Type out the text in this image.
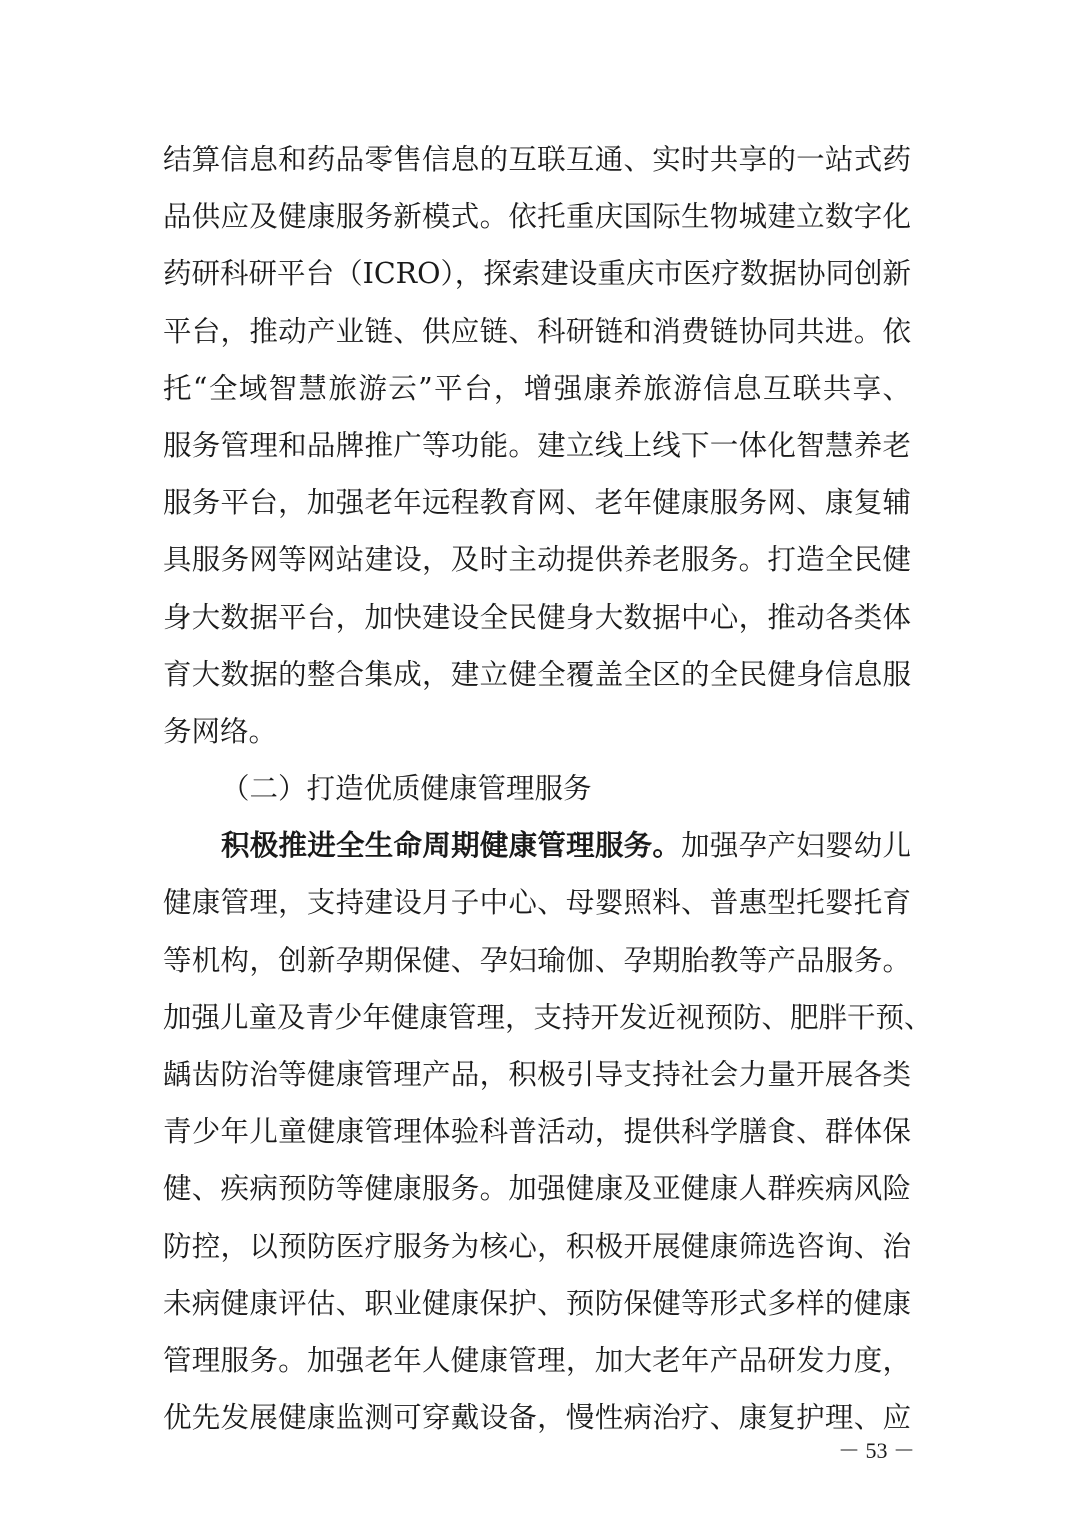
结算信息和药品零售信息的互联互通、实时共享的一站式药
品供应及健康服务新模式。依托重庆国际生物城建立数字化
药研科研平台（ICRO），探索建设重庆市医疗数据协同创新
平台，推动产业链、供应链、科研链和消费链协同共进。依
托“全域智慧旅游云”平台，增强康养旅游信息互联共享、
服务管理和品牌推广等功能。建立线上线下一体化智慧养老
服务平台，加强老年远程教育网、老年健康服务网、康复辅
具服务网等网站建设，及时主动提供养老服务。打造全民健
身大数据平台，加快建设全民健身大数据中心，推动各类体
育大数据的整合集成，建立健全覆盖全区的全民健身信息服
务网络。
（二）打造优质健康管理服务
积极推进全生命周期健康管理服务。加强孕产妇婴幼儿
健康管理，支持建设月子中心、母婴照料、普惠型托婴托育
等机构，创新孕期保健、孕妇瑜伽、孕期胎教等产品服务。
加强儿童及青少年健康管理，支持开发近视预防、肥胖干预、
龋齿防治等健康管理产品，积极引导支持社会力量开展各类
青少年儿童健康管理体验科普活动，提供科学膳食、群体保
健、疾病预防等健康服务。加强健康及亚健康人群疾病风险
防控，以预防医疗服务为核心，积极开展健康筛选咨询、治
未病健康评估、职业健康保护、预防保健等形式多样的健康
管理服务。加强老年人健康管理，加大老年产品研发力度，
优先发展健康监测可穿戴设备，慢性病治疗、康复护理、应
－ 53 －
